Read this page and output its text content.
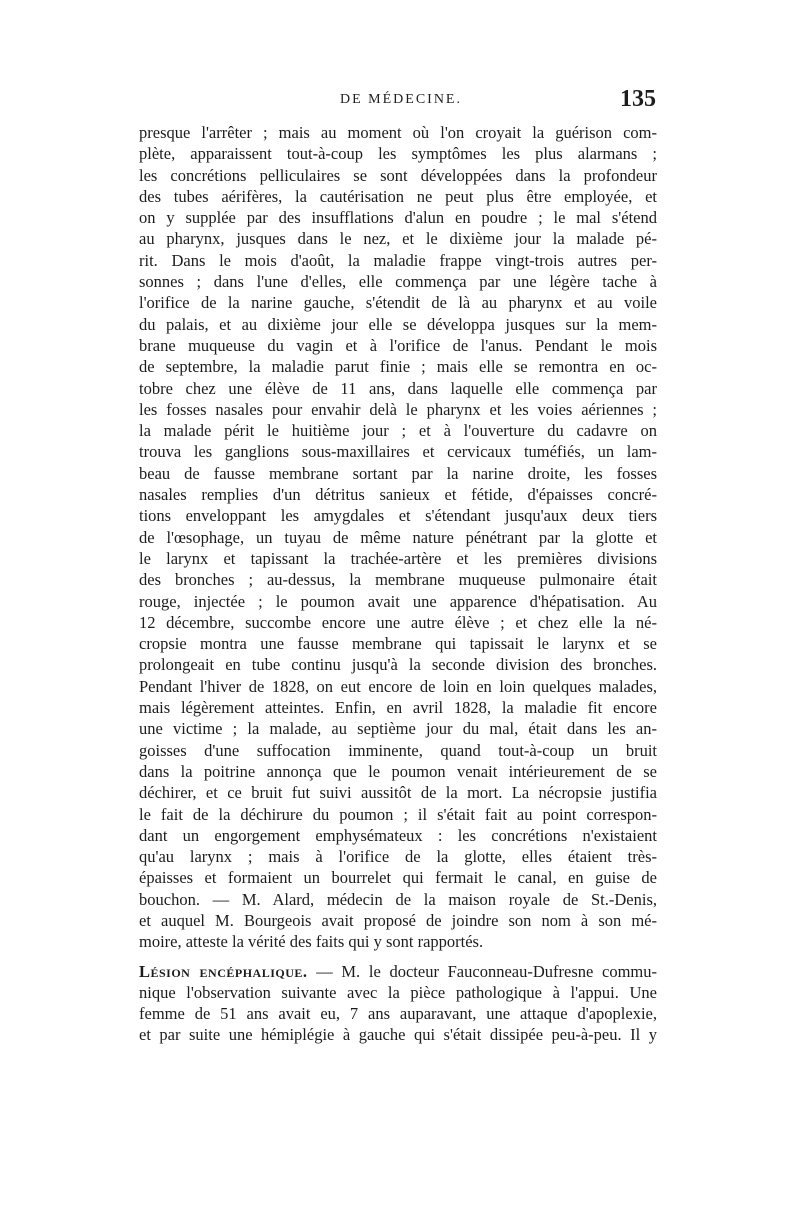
DE MÉDECINE.	135
presque l'arrêter ; mais au moment où l'on croyait la guérison com-
plète, apparaissent tout-à-coup les symptômes les plus alarmans ;
les concrétions pelliculaires se sont développées dans la profondeur
des tubes aérifères, la cautérisation ne peut plus être employée, et
on y supplée par des insufflations d'alun en poudre ; le mal s'étend
au pharynx, jusques dans le nez, et le dixième jour la malade pé-
rit. Dans le mois d'août, la maladie frappe vingt-trois autres per-
sonnes ; dans l'une d'elles, elle commença par une légère tache à
l'orifice de la narine gauche, s'étendit de là au pharynx et au voile
du palais, et au dixième jour elle se développa jusques sur la mem-
brane muqueuse du vagin et à l'orifice de l'anus. Pendant le mois
de septembre, la maladie parut finie ; mais elle se remontra en oc-
tobre chez une élève de 11 ans, dans laquelle elle commença par
les fosses nasales pour envahir delà le pharynx et les voies aériennes ;
la malade périt le huitième jour ; et à l'ouverture du cadavre on
trouva les ganglions sous-maxillaires et cervicaux tuméfiés, un lam-
beau de fausse membrane sortant par la narine droite, les fosses
nasales remplies d'un détritus sanieux et fétide, d'épaisses concré-
tions enveloppant les amygdales et s'étendant jusqu'aux deux tiers
de l'œsophage, un tuyau de même nature pénétrant par la glotte et
le larynx et tapissant la trachée-artère et les premières divisions
des bronches ; au-dessus, la membrane muqueuse pulmonaire était
rouge, injectée ; le poumon avait une apparence d'hépatisation. Au
12 décembre, succombe encore une autre élève ; et chez elle la né-
cropsie montra une fausse membrane qui tapissait le larynx et se
prolongeait en tube continu jusqu'à la seconde division des bronches.
Pendant l'hiver de 1828, on eut encore de loin en loin quelques malades,
mais légèrement atteintes. Enfin, en avril 1828, la maladie fit encore
une victime ; la malade, au septième jour du mal, était dans les an-
goisses d'une suffocation imminente, quand tout-à-coup un bruit
dans la poitrine annonça que le poumon venait intérieurement de se
déchirer, et ce bruit fut suivi aussitôt de la mort. La nécropsie justifia
le fait de la déchirure du poumon ; il s'était fait au point correspon-
dant un engorgement emphysémateux : les concrétions n'existaient
qu'au larynx ; mais à l'orifice de la glotte, elles étaient très-
épaisses et formaient un bourrelet qui fermait le canal, en guise de
bouchon. — M. Alard, médecin de la maison royale de St.-Denis,
et auquel M. Bourgeois avait proposé de joindre son nom à son mé-
moire, atteste la vérité des faits qui y sont rapportés.
Lésion encéphalique. — M. le docteur Fauconneau-Dufresne commu-
nique l'observation suivante avec la pièce pathologique à l'appui. Une
femme de 51 ans avait eu, 7 ans auparavant, une attaque d'apoplexie,
et par suite une hémiplégie à gauche qui s'était dissipée peu-à-peu. Il y
